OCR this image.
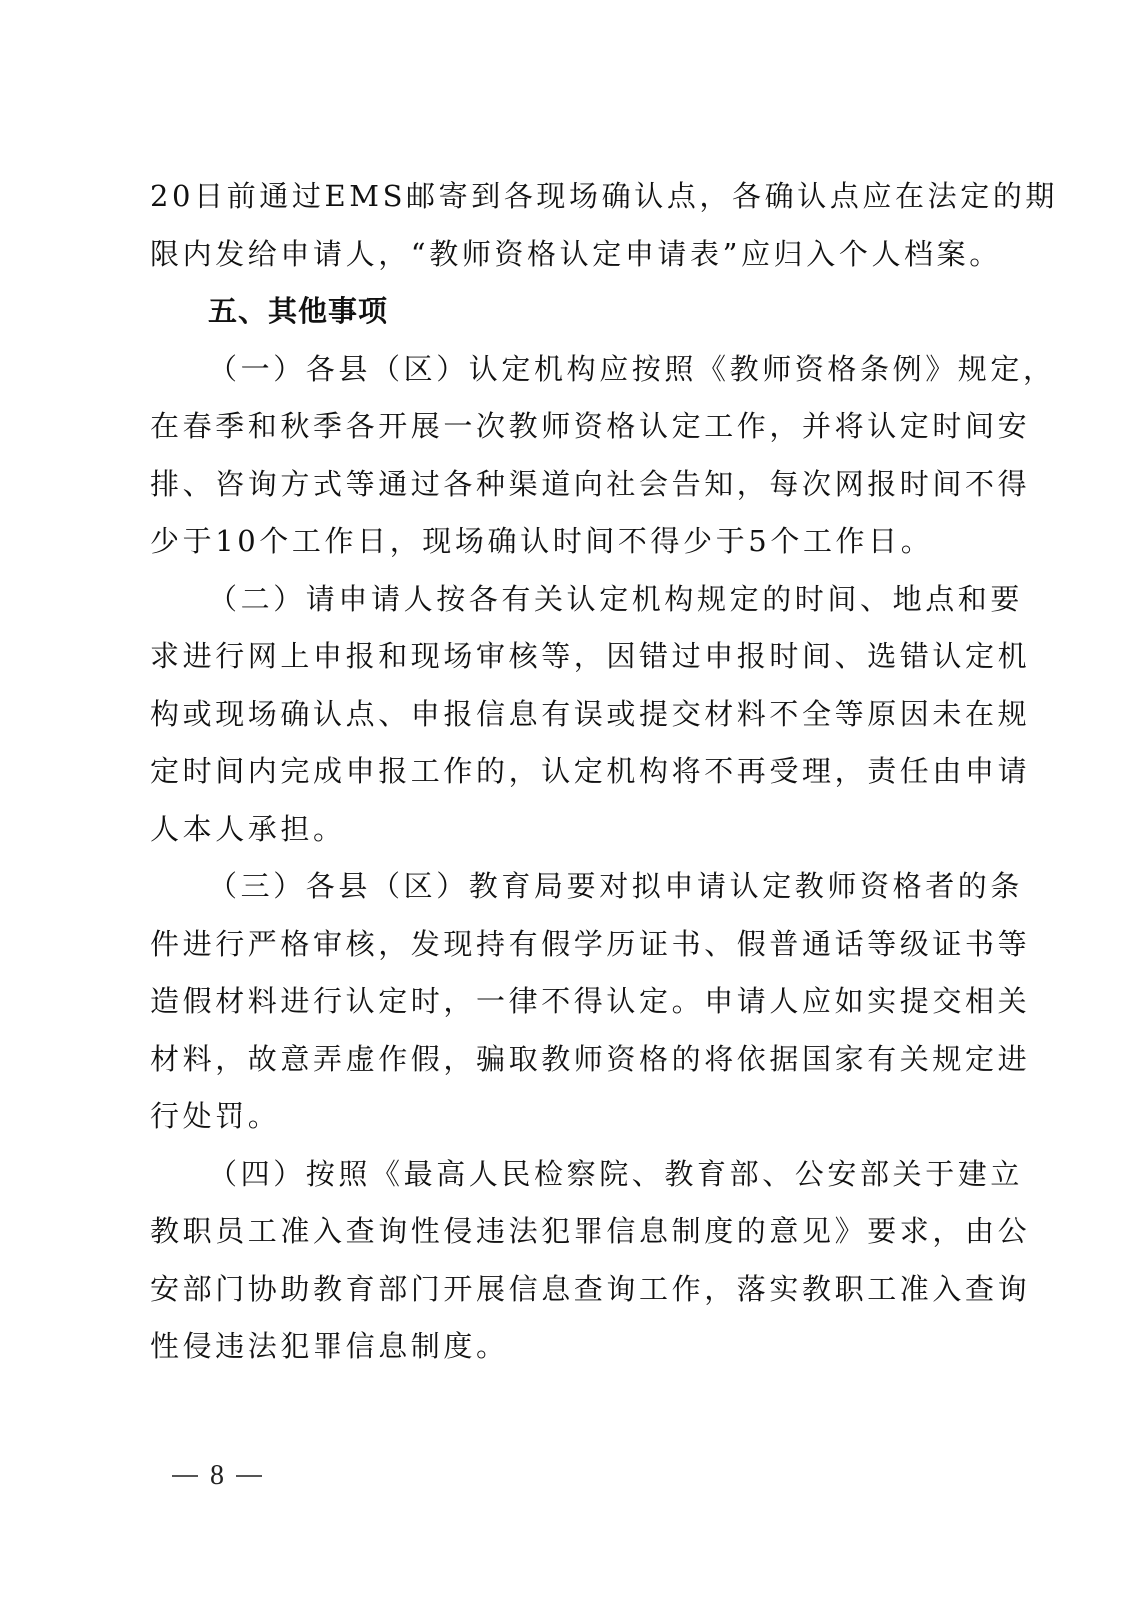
20日前通过EMS邮寄到各现场确认点，各确认点应在法定的期
限内发给申请人，“教师资格认定申请表”应归入个人档案。
五、其他事项
（一）各县（区）认定机构应按照《教师资格条例》规定，
在春季和秋季各开展一次教师资格认定工作，并将认定时间安
排、咨询方式等通过各种渠道向社会告知，每次网报时间不得
少于10个工作日，现场确认时间不得少于5个工作日。
（二）请申请人按各有关认定机构规定的时间、地点和要
求进行网上申报和现场审核等，因错过申报时间、选错认定机
构或现场确认点、申报信息有误或提交材料不全等原因未在规
定时间内完成申报工作的，认定机构将不再受理，责任由申请
人本人承担。
（三）各县（区）教育局要对拟申请认定教师资格者的条
件进行严格审核，发现持有假学历证书、假普通话等级证书等
造假材料进行认定时，一律不得认定。申请人应如实提交相关
材料，故意弄虚作假，骗取教师资格的将依据国家有关规定进
行处罚。
（四）按照《最高人民检察院、教育部、公安部关于建立
教职员工准入查询性侵违法犯罪信息制度的意见》要求，由公
安部门协助教育部门开展信息查询工作，落实教职工准入查询
性侵违法犯罪信息制度。
8
